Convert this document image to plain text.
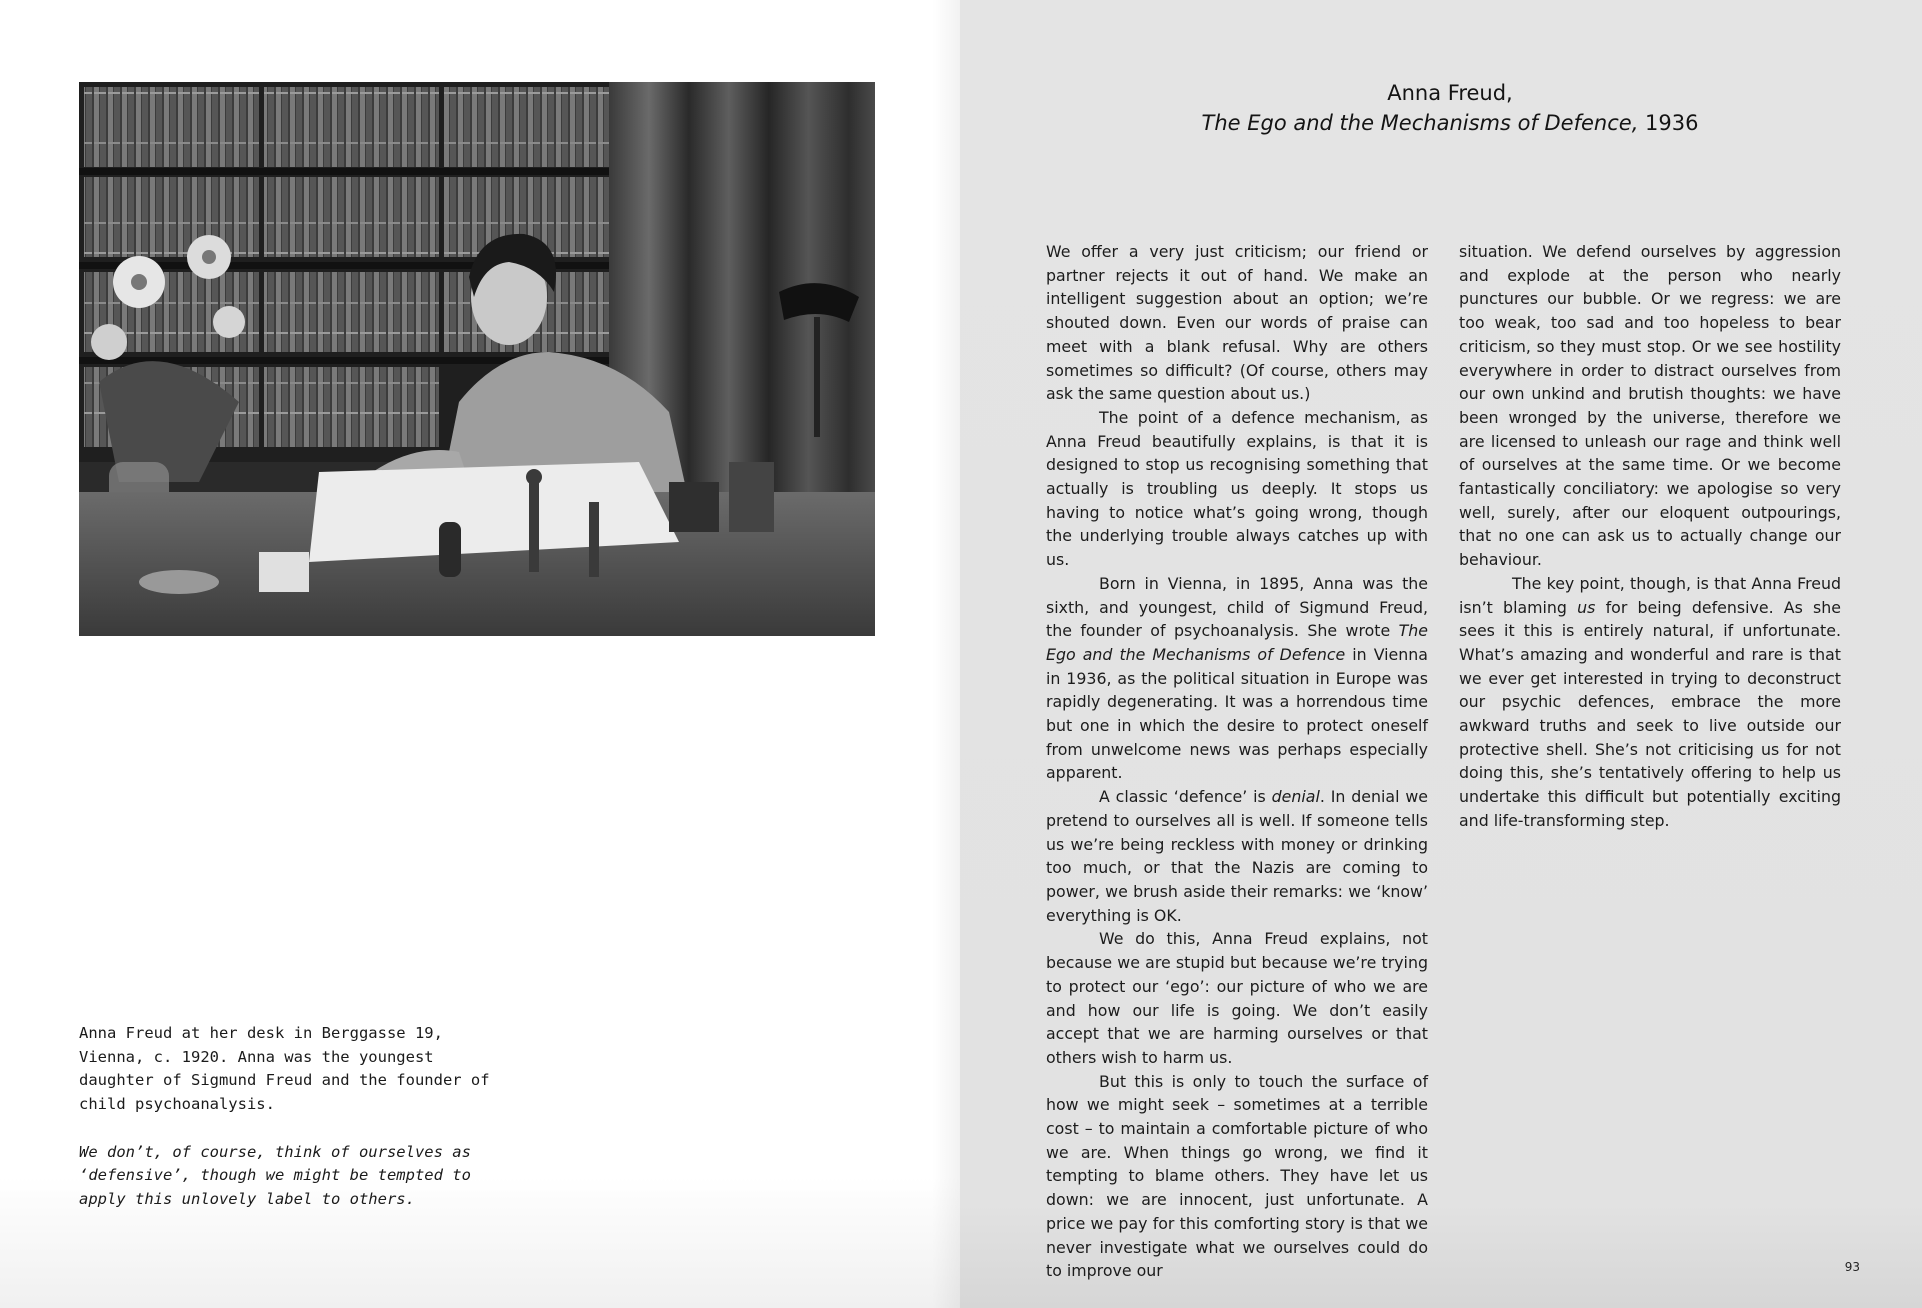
Anna Freud at her desk in Berggasse 19, Vienna, c. 1920. Anna was the youngest daughter of Sigmund Freud and the founder of child psychoanalysis.

We don’t, of course, think of ourselves as ‘defensive’, though we might be tempted to apply this unlovely label to others.

Anna Freud,
The Ego and the Mechanisms of Defence, 1936

We offer a very just criticism; our friend or partner rejects it out of hand. We make an intelligent suggestion about an option; we’re shouted down. Even our words of praise can meet with a blank refusal. Why are others sometimes so difficult? (Of course, others may ask the same question about us.)

The point of a defence mechanism, as Anna Freud beautifully explains, is that it is designed to stop us recognising something that actually is troubling us deeply. It stops us having to notice what’s going wrong, though the underlying trouble always catches up with us.

Born in Vienna, in 1895, Anna was the sixth, and youngest, child of Sigmund Freud, the founder of psychoanalysis. She wrote The Ego and the Mechanisms of Defence in Vienna in 1936, as the political situation in Europe was rapidly degenerating. It was a horrendous time but one in which the desire to protect oneself from unwelcome news was perhaps especially apparent.

A classic ‘defence’ is denial. In denial we pretend to ourselves all is well. If someone tells us we’re being reckless with money or drinking too much, or that the Nazis are coming to power, we brush aside their remarks: we ‘know’ everything is OK.

We do this, Anna Freud explains, not because we are stupid but because we’re trying to protect our ‘ego’: our picture of who we are and how our life is going. We don’t easily accept that we are harming ourselves or that others wish to harm us.

But this is only to touch the surface of how we might seek – sometimes at a terrible cost – to maintain a comfortable picture of who we are. When things go wrong, we find it tempting to blame others. They have let us down: we are innocent, just unfortunate. A price we pay for this comforting story is that we never investigate what we ourselves could do to improve our

situation. We defend ourselves by aggression and explode at the person who nearly punctures our bubble. Or we regress: we are too weak, too sad and too hopeless to bear criticism, so they must stop. Or we see hostility everywhere in order to distract ourselves from our own unkind and brutish thoughts: we have been wronged by the universe, therefore we are licensed to unleash our rage and think well of ourselves at the same time. Or we become fantastically conciliatory: we apologise so very well, surely, after our eloquent outpourings, that no one can ask us to actually change our behaviour.

The key point, though, is that Anna Freud isn’t blaming us for being defensive. As she sees it this is entirely natural, if unfortunate. What’s amazing and wonderful and rare is that we ever get interested in trying to deconstruct our psychic defences, embrace the more awkward truths and seek to live outside our protective shell. She’s not criticising us for not doing this, she’s tentatively offering to help us undertake this difficult but potentially exciting and life-transforming step.

93
